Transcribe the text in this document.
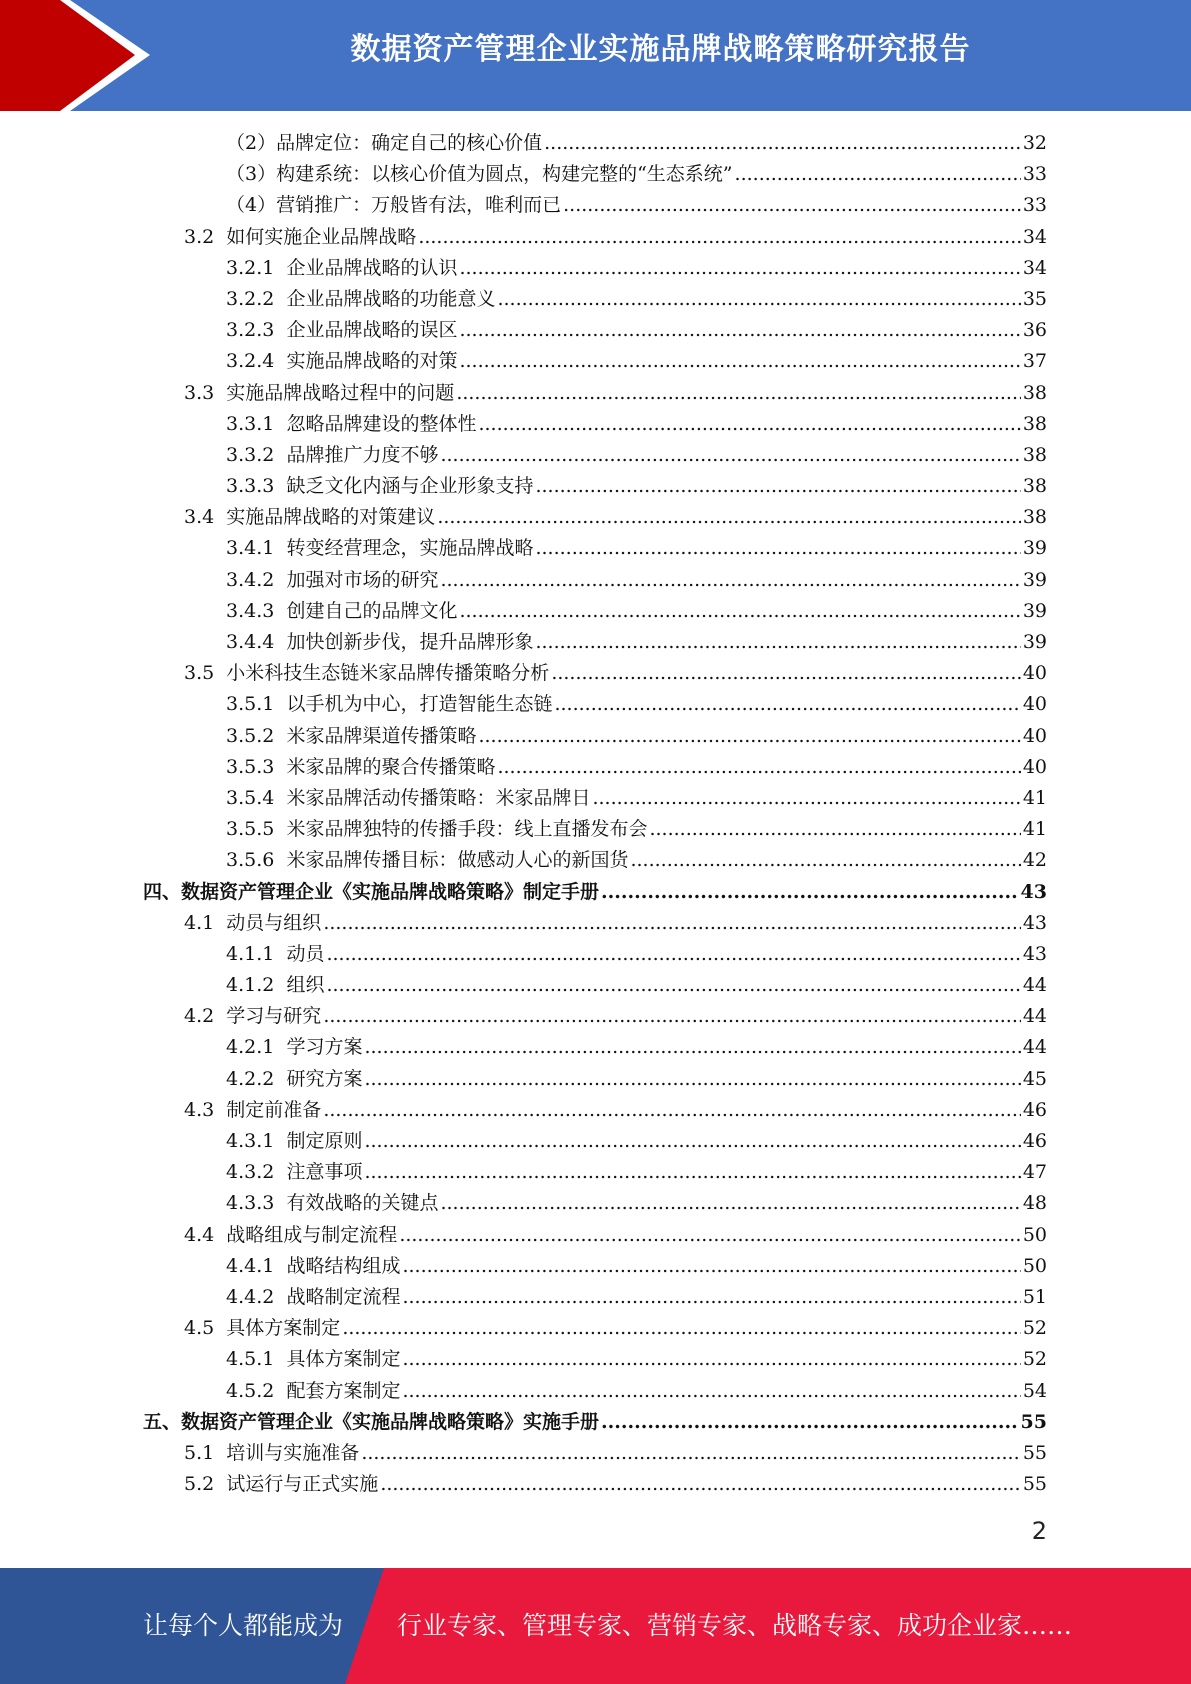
数据资产管理企业实施品牌战略策略研究报告
（2） 品牌定位：确定自己的核心价值 .....	32
（3） 构建系统：以核心价值为圆点，构建完整的“生态系统” .....	33
（4） 营销推广：万般皆有法，唯利而已 .....	33
3.2 如何实施企业品牌战略 .....	34
3.2.1 企业品牌战略的认识 .....	34
3.2.2 企业品牌战略的功能意义 .....	35
3.2.3 企业品牌战略的误区 .....	36
3.2.4 实施品牌战略的对策 .....	37
3.3 实施品牌战略过程中的问题 .....	38
3.3.1 忽略品牌建设的整体性 .....	38
3.3.2 品牌推广力度不够 .....	38
3.3.3 缺乏文化内涵与企业形象支持 .....	38
3.4 实施品牌战略的对策建议 .....	38
3.4.1 转变经营理念，实施品牌战略 .....	39
3.4.2 加强对市场的研究 .....	39
3.4.3 创建自己的品牌文化 .....	39
3.4.4 加快创新步伐，提升品牌形象 .....	39
3.5 小米科技生态链米家品牌传播策略分析 .....	40
3.5.1 以手机为中心，打造智能生态链 .....	40
3.5.2 米家品牌渠道传播策略 .....	40
3.5.3 米家品牌的聚合传播策略 .....	40
3.5.4 米家品牌活动传播策略：米家品牌日 .....	41
3.5.5 米家品牌独特的传播手段：线上直播发布会 .....	41
3.5.6 米家品牌传播目标：做感动人心的新国货 .....	42
四、 数据资产管理企业《实施品牌战略策略》制定手册 .....	43
4.1 动员与组织 .....	43
4.1.1 动员 .....	43
4.1.2 组织 .....	44
4.2 学习与研究 .....	44
4.2.1 学习方案 .....	44
4.2.2 研究方案 .....	45
4.3 制定前准备 .....	46
4.3.1 制定原则 .....	46
4.3.2 注意事项 .....	47
4.3.3 有效战略的关键点 .....	48
4.4 战略组成与制定流程 .....	50
4.4.1 战略结构组成 .....	50
4.4.2 战略制定流程 .....	51
4.5 具体方案制定 .....	52
4.5.1 具体方案制定 .....	52
4.5.2 配套方案制定 .....	54
五、 数据资产管理企业《实施品牌战略策略》实施手册 .....	55
5.1 培训与实施准备 .....	55
5.2 试运行与正式实施 .....	55
2
让每个人都能成为 行业专家、管理专家、营销专家、战略专家、成功企业家……
